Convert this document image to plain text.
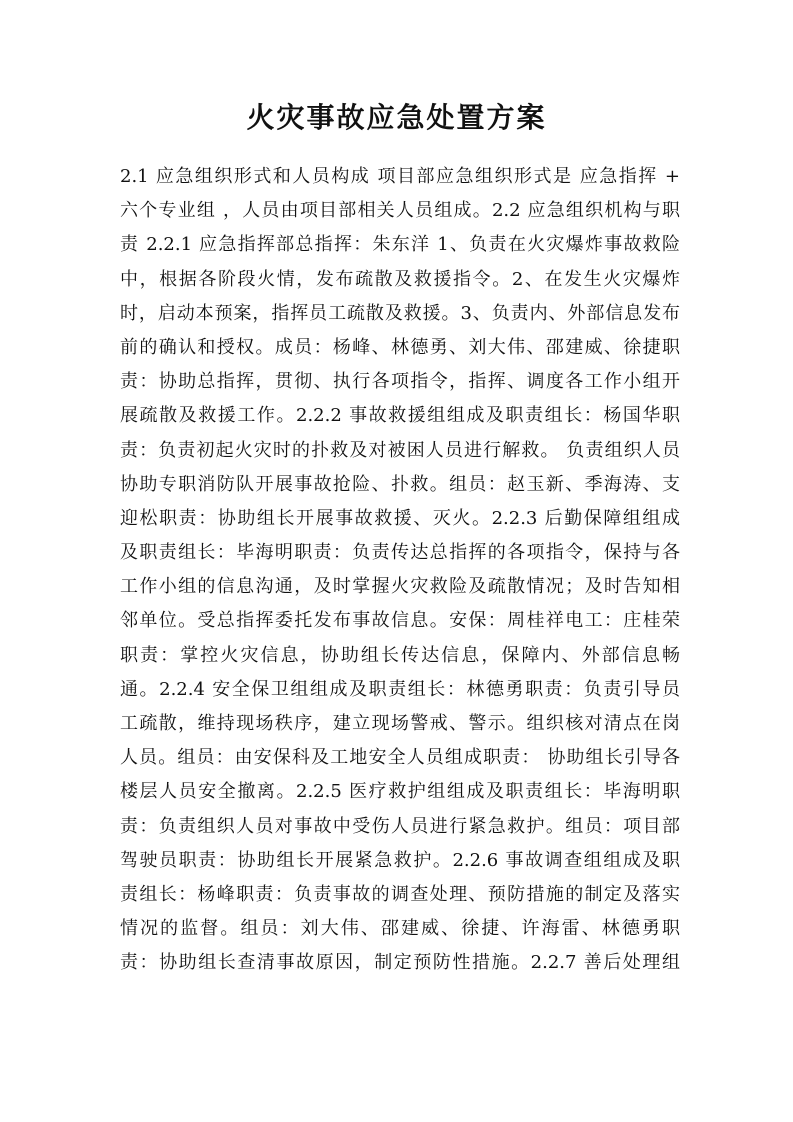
火灾事故应急处置方案
2.1 应急组织形式和人员构成 项目部应急组织形式是 应急指挥 +
六个专业组 ，人员由项目部相关人员组成。2.2 应急组织机构与职
责 2.2.1 应急指挥部总指挥：朱东洋 1、负责在火灾爆炸事故救险
中，根据各阶段火情，发布疏散及救援指令。2、在发生火灾爆炸
时，启动本预案，指挥员工疏散及救援。3、负责内、外部信息发布
前的确认和授权。成员：杨峰、林德勇、刘大伟、邵建威、徐捷职
责：协助总指挥，贯彻、执行各项指令，指挥、调度各工作小组开
展疏散及救援工作。2.2.2 事故救援组组成及职责组长：杨国华职
责：负责初起火灾时的扑救及对被困人员进行解救。 负责组织人员
协助专职消防队开展事故抢险、扑救。组员：赵玉新、季海涛、支
迎松职责：协助组长开展事故救援、灭火。2.2.3 后勤保障组组成
及职责组长：毕海明职责：负责传达总指挥的各项指令，保持与各
工作小组的信息沟通，及时掌握火灾救险及疏散情况；及时告知相
邻单位。受总指挥委托发布事故信息。安保：周桂祥电工：庄桂荣
职责：掌控火灾信息，协助组长传达信息，保障内、外部信息畅
通。2.2.4 安全保卫组组成及职责组长：林德勇职责：负责引导员
工疏散，维持现场秩序，建立现场警戒、警示。组织核对清点在岗
人员。组员：由安保科及工地安全人员组成职责： 协助组长引导各
楼层人员安全撤离。2.2.5 医疗救护组组成及职责组长：毕海明职
责：负责组织人员对事故中受伤人员进行紧急救护。组员：项目部
驾驶员职责：协助组长开展紧急救护。2.2.6 事故调查组组成及职
责组长：杨峰职责：负责事故的调查处理、预防措施的制定及落实
情况的监督。组员：刘大伟、邵建威、徐捷、许海雷、林德勇职
责：协助组长查清事故原因，制定预防性措施。2.2.7 善后处理组
